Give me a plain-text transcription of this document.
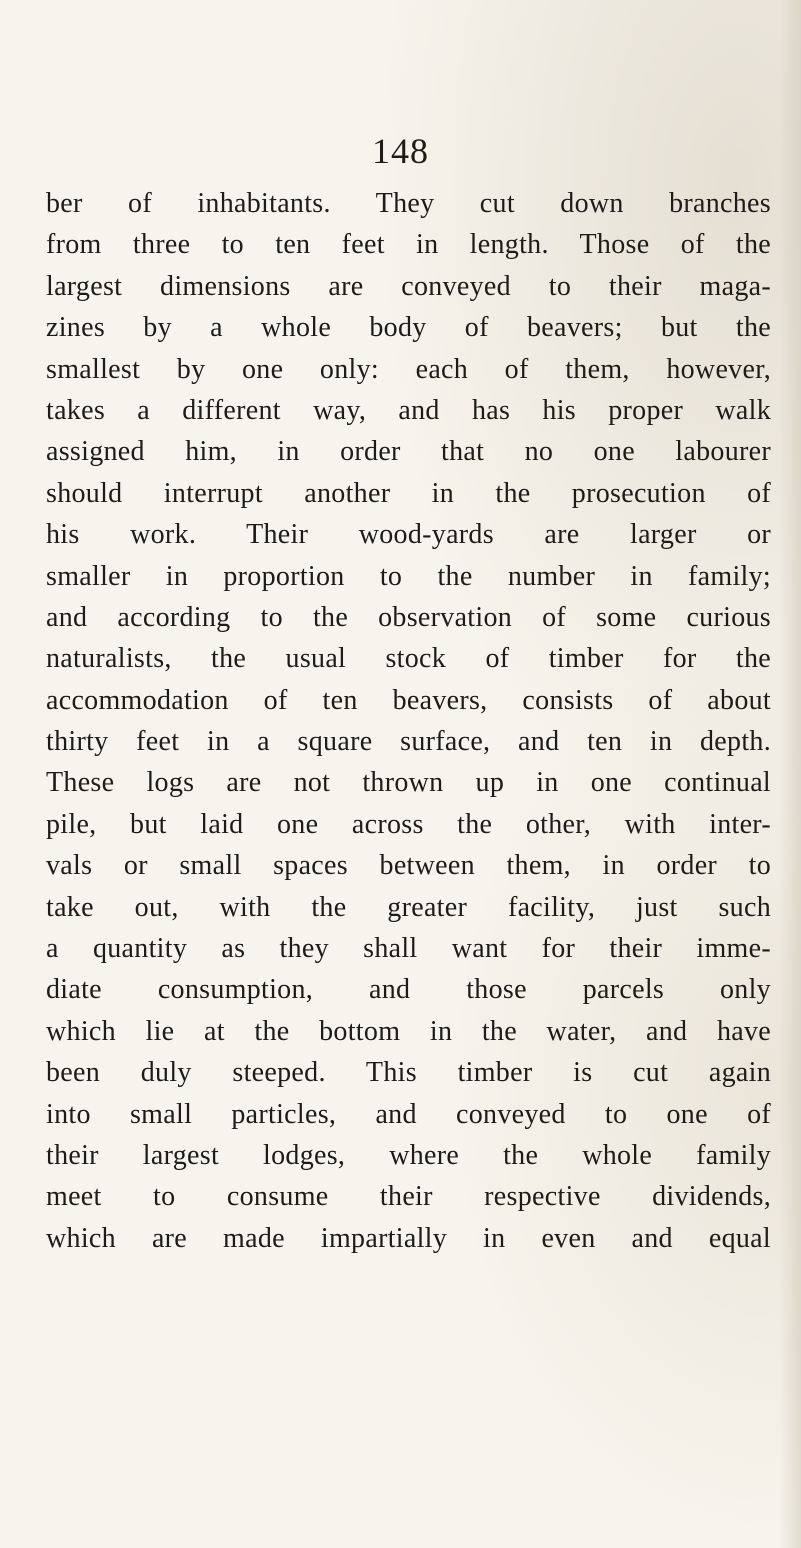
148
ber of inhabitants. They cut down branches
from three to ten feet in length. Those of the
largest dimensions are conveyed to their maga-
zines by a whole body of beavers; but the
smallest by one only: each of them, however,
takes a different way, and has his proper walk
assigned him, in order that no one labourer
should interrupt another in the prosecution of
his work. Their wood-yards are larger or
smaller in proportion to the number in family;
and according to the observation of some curious
naturalists, the usual stock of timber for the
accommodation of ten beavers, consists of about
thirty feet in a square surface, and ten in depth.
These logs are not thrown up in one continual
pile, but laid one across the other, with inter-
vals or small spaces between them, in order to
take out, with the greater facility, just such
a quantity as they shall want for their imme-
diate consumption, and those parcels only
which lie at the bottom in the water, and have
been duly steeped. This timber is cut again
into small particles, and conveyed to one of
their largest lodges, where the whole family
meet to consume their respective dividends,
which are made impartially in even and equal
